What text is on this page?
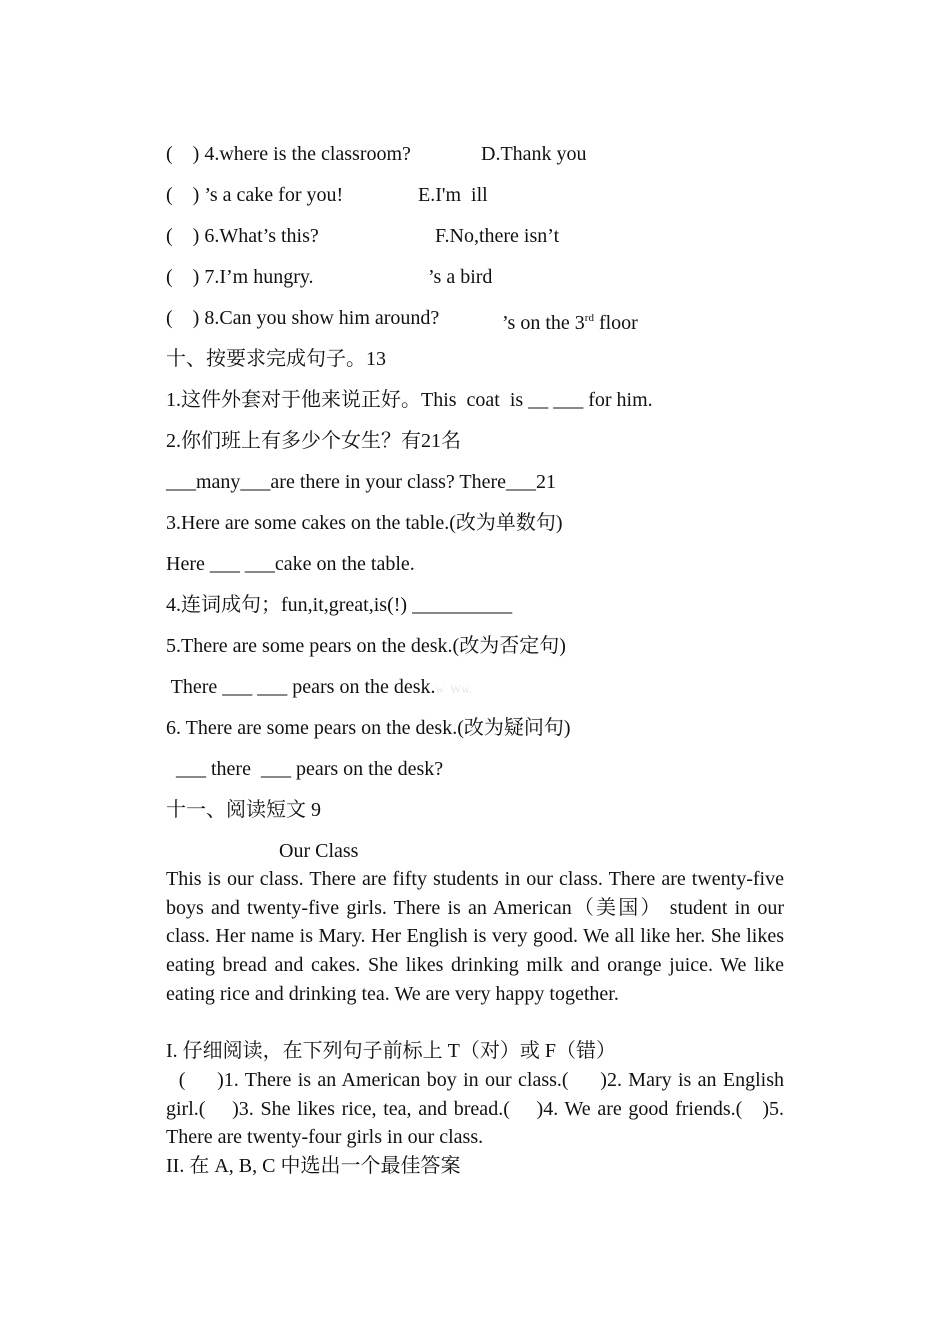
(    ) 4.where is the classroom?	D.Thank you
(    ) ’s a cake for you!	E.I'm  ill
(    ) 6.What’s this?	F.No,there isn’t
(    ) 7.I’m hungry.	’s a bird
(    ) 8.Can you show him around?	’s on the 3rd floor
十、按要求完成句子。13
1.这件外套对于他来说正好。This  coat  is __ ___ for him.
2.你们班上有多少个女生？有21名
___many___are there in your class? There___21
3.Here are some cakes on the table.(改为单数句)
Here ___ ___cake on the table.
4.连词成句；fun,it,great,is(!) __________
5.There are some pears on the desk.(改为否定句)
There ___ ___ pears on the desk.w  Ww.
6. There are some pears on the desk.(改为疑问句)
___ there  ___ pears on the desk?
十一、阅读短文 9
Our Class
This is our class. There are fifty students in our class. There are twenty-five boys and twenty-five girls. There is an American（美国） student in our class. Her name is Mary. Her English is very good. We all like her. She likes eating bread and cakes. She likes drinking milk and orange juice. We like eating rice and drinking tea. We are very happy together.
I. 仔细阅读，在下列句子前标上 T（对）或 F（错）
(     )1. There is an American boy in our class.(     )2. Mary is an English girl.(    )3. She likes rice, tea, and bread.(    )4. We are good friends.(   )5. There are twenty-four girls in our class.
II. 在 A, B, C 中选出一个最佳答案
